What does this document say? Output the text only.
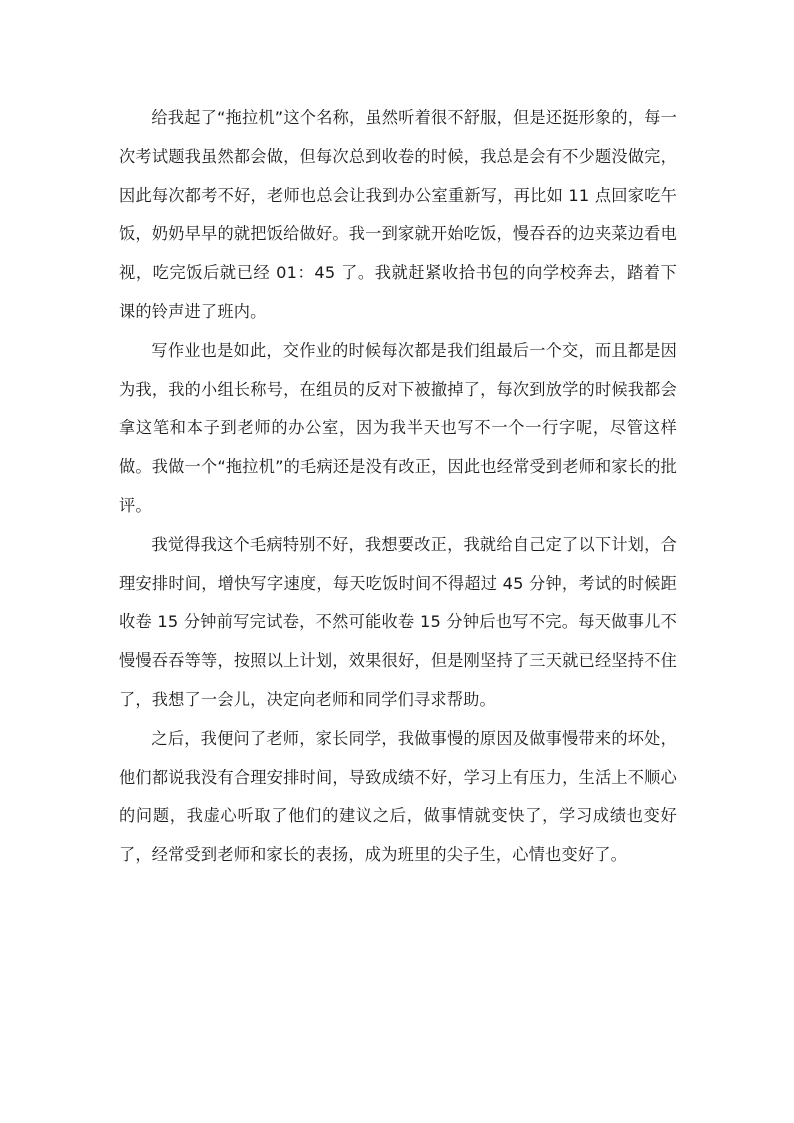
给我起了“拖拉机”这个名称，虽然听着很不舒服，但是还挺形象的，每一次考试题我虽然都会做，但每次总到收卷的时候，我总是会有不少题没做完，因此每次都考不好，老师也总会让我到办公室重新写，再比如 11 点回家吃午饭，奶奶早早的就把饭给做好。我一到家就开始吃饭，慢吞吞的边夹菜边看电视，吃完饭后就已经 01：45 了。我就赶紧收拾书包的向学校奔去，踏着下课的铃声进了班内。

写作业也是如此，交作业的时候每次都是我们组最后一个交，而且都是因为我，我的小组长称号，在组员的反对下被撤掉了，每次到放学的时候我都会拿这笔和本子到老师的办公室，因为我半天也写不一个一行字呢，尽管这样做。我做一个“拖拉机”的毛病还是没有改正，因此也经常受到老师和家长的批评。

我觉得我这个毛病特别不好，我想要改正，我就给自己定了以下计划，合理安排时间，增快写字速度，每天吃饭时间不得超过 45 分钟，考试的时候距收卷 15 分钟前写完试卷，不然可能收卷 15 分钟后也写不完。每天做事儿不慢慢吞吞等等，按照以上计划，效果很好，但是刚坚持了三天就已经坚持不住了，我想了一会儿，决定向老师和同学们寻求帮助。

之后，我便问了老师，家长同学，我做事慢的原因及做事慢带来的坏处，他们都说我没有合理安排时间，导致成绩不好，学习上有压力，生活上不顺心的问题，我虚心听取了他们的建议之后，做事情就变快了，学习成绩也变好了，经常受到老师和家长的表扬，成为班里的尖子生，心情也变好了。
